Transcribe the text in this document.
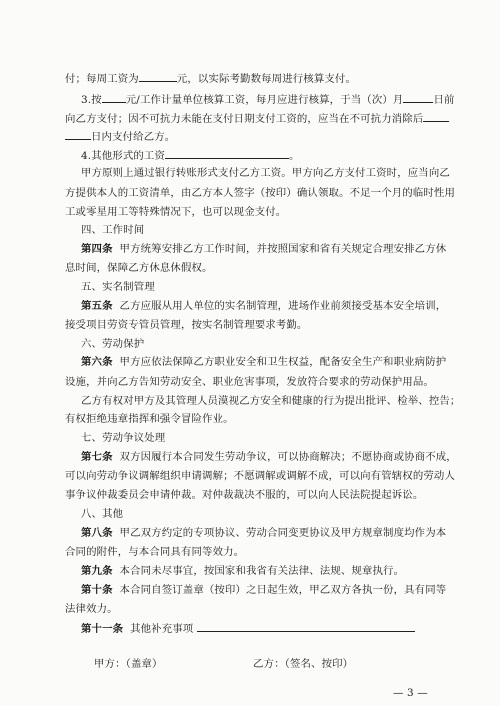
付；每周工资为	元，以实际考勤数每周进行核算支付。
3.按 元/工作计量单位核算工资，每月应进行核算，于当（次）月	日前
向乙方支付；因不可抗力未能在支付日期支付工资的，应当在不可抗力消除后
日内支付给乙方。
4.其他形式的工资	。
甲方原则上通过银行转账形式支付乙方工资。甲方向乙方支付工资时，应当向乙
方提供本人的工资清单，由乙方本人签字（按印）确认领取。不足一个月的临时性用
工或零星用工等特殊情况下，也可以现金支付。
四、工作时间
第四条 甲方统筹安排乙方工作时间，并按照国家和省有关规定合理安排乙方休
息时间，保障乙方休息休假权。
五、实名制管理
第五条 乙方应服从用人单位的实名制管理，进场作业前须接受基本安全培训，
接受项目劳资专管员管理，按实名制管理要求考勤。
六、劳动保护
第六条 甲方应依法保障乙方职业安全和卫生权益，配备安全生产和职业病防护
设施，并向乙方告知劳动安全、职业危害事项，发放符合要求的劳动保护用品。
乙方有权对甲方及其管理人员漠视乙方安全和健康的行为提出批评、检举、控告；
有权拒绝违章指挥和强令冒险作业。
七、劳动争议处理
第七条 双方因履行本合同发生劳动争议，可以协商解决；不愿协商或协商不成，
可以向劳动争议调解组织申请调解；不愿调解或调解不成，可以向有管辖权的劳动人
事争议仲裁委员会申请仲裁。对仲裁裁决不服的，可以向人民法院提起诉讼。
八、其他
第八条 甲乙双方约定的专项协议、劳动合同变更协议及甲方规章制度均作为本
合同的附件，与本合同具有同等效力。
第九条 本合同未尽事宜，按国家和我省有关法律、法规、规章执行。
第十条 本合同自签订盖章（按印）之日起生效，甲乙双方各执一份，具有同等
法律效力。
第十一条 其他补充事项
甲方：（盖章）	乙方：（签名、按印）
— 3 —
